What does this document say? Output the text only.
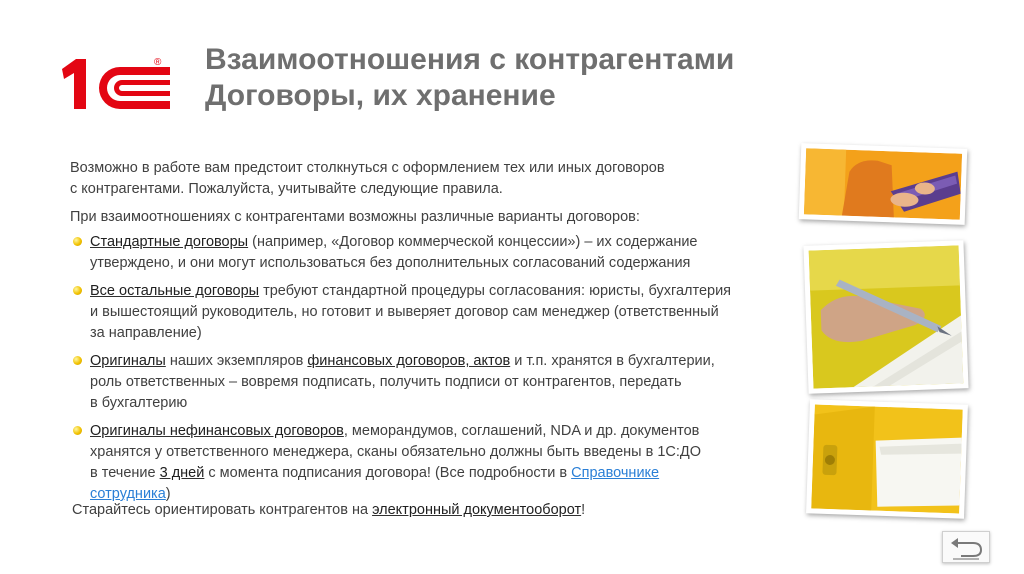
® Взаимоотношения с контрагентами
Договоры, их хранение
Возможно в работе вам предстоит столкнуться с оформлением тех или иных договоров
с контрагентами. Пожалуйста, учитывайте следующие правила.
При взаимоотношениях с контрагентами возможны различные варианты договоров:
Стандартные договоры (например, «Договор коммерческой концессии») – их содержание
утверждено, и они могут использоваться без дополнительных согласований содержания
Все остальные договоры требуют стандартной процедуры согласования: юристы, бухгалтерия
и вышестоящий руководитель, но готовит и выверяет договор сам менеджер (ответственный
за направление)
Оригиналы наших экземпляров финансовых договоров, актов и т.п. хранятся в бухгалтерии,
роль ответственных – вовремя подписать, получить подписи от контрагентов, передать
в бухгалтерию
Оригиналы нефинансовых договоров, меморандумов, соглашений, NDA и др. документов
хранятся у ответственного менеджера, сканы обязательно должны быть введены в 1С:ДО
в течение 3 дней с момента подписания договора! (Все подробности в Справочнике
сотрудника)
Старайтесь ориентировать контрагентов на электронный документооборот!
